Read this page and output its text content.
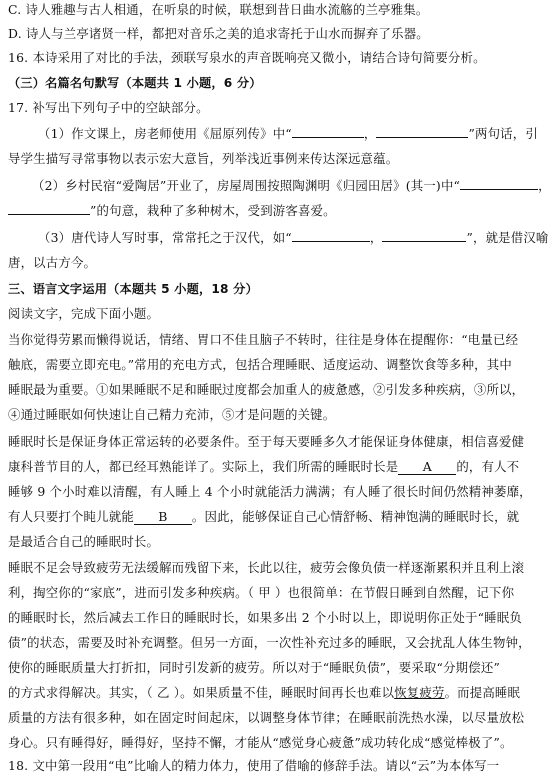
C. 诗人雅趣与古人相通，在听泉的时候，联想到昔日曲水流觞的兰亭雅集。
D. 诗人与兰亭诸贤一样，都把对音乐之美的追求寄托于山水而摒弃了乐器。
16. 本诗采用了对比的手法，颈联写泉水的声音既响亮又微小，请结合诗句简要分析。
（三）名篇名句默写（本题共 1 小题，6 分）
17. 补写出下列句子中的空缺部分。
（1）作文课上，房老师使用《屈原列传》中“	，	”两句话，引
导学生描写寻常事物以表示宏大意旨，列举浅近事例来传达深远意蕴。
（2）乡村民宿“爱陶居”开业了，房屋周围按照陶渊明《归园田居》(其一)中“	，
”的句意，栽种了多种树木，受到游客喜爱。
（3）唐代诗人写时事，常常托之于汉代，如“	，	”，就是借汉喻
唐，以古方今。
三、语言文字运用（本题共 5 小题，18 分）
阅读文字，完成下面小题。
当你觉得劳累而懒得说话，情绪、胃口不佳且脑子不转时，往往是身体在提醒你：“电量已经
触底，需要立即充电。”常用的充电方式，包括合理睡眠、适度运动、调整饮食等多种，其中
睡眠最为重要。①如果睡眠不足和睡眠过度都会加重人的疲惫感，②引发多种疾病，③所以，
④通过睡眠如何快速让自己精力充沛，⑤才是问题的关键。
睡眠时长是保证身体正常运转的必要条件。至于每天要睡多久才能保证身体健康，相信喜爱健
康科普节目的人，都已经耳熟能详了。实际上，我们所需的睡眠时长是 A 的，有人不
睡够 9 个小时难以清醒，有人睡上 4 个小时就能活力满满；有人睡了很长时间仍然精神萎靡，
有人只要打个盹儿就能 B 。因此，能够保证自己心情舒畅、精神饱满的睡眠时长，就
是最适合自己的睡眠时长。
睡眠不足会导致疲劳无法缓解而残留下来，长此以往，疲劳会像负债一样逐渐累积并且利上滚
利，掏空你的“家底”，进而引发多种疾病。（ 甲 ）也很简单：在节假日睡到自然醒，记下你
的睡眠时长，然后减去工作日的睡眠时长，如果多出 2 个小时以上，即说明你正处于“睡眠负
债”的状态，需要及时补充调整。但另一方面，一次性补充过多的睡眠，又会扰乱人体生物钟，
使你的睡眠质量大打折扣，同时引发新的疲劳。所以对于“睡眠负债”，要采取“分期偿还”
的方式求得解决。其实，（ 乙 ）。如果质量不佳，睡眠时间再长也难以恢复疲劳。而提高睡眠
质量的方法有很多种，如在固定时间起床，以调整身体节律；在睡眠前洗热水澡，以尽量放松
身心。只有睡得好，睡得好，坚持不懈，才能从“感觉身心疲惫”成功转化成“感觉棒极了”。
18. 文中第一段用“电”比喻人的精力体力，使用了借喻的修辞手法。请以“云”为本体写一
